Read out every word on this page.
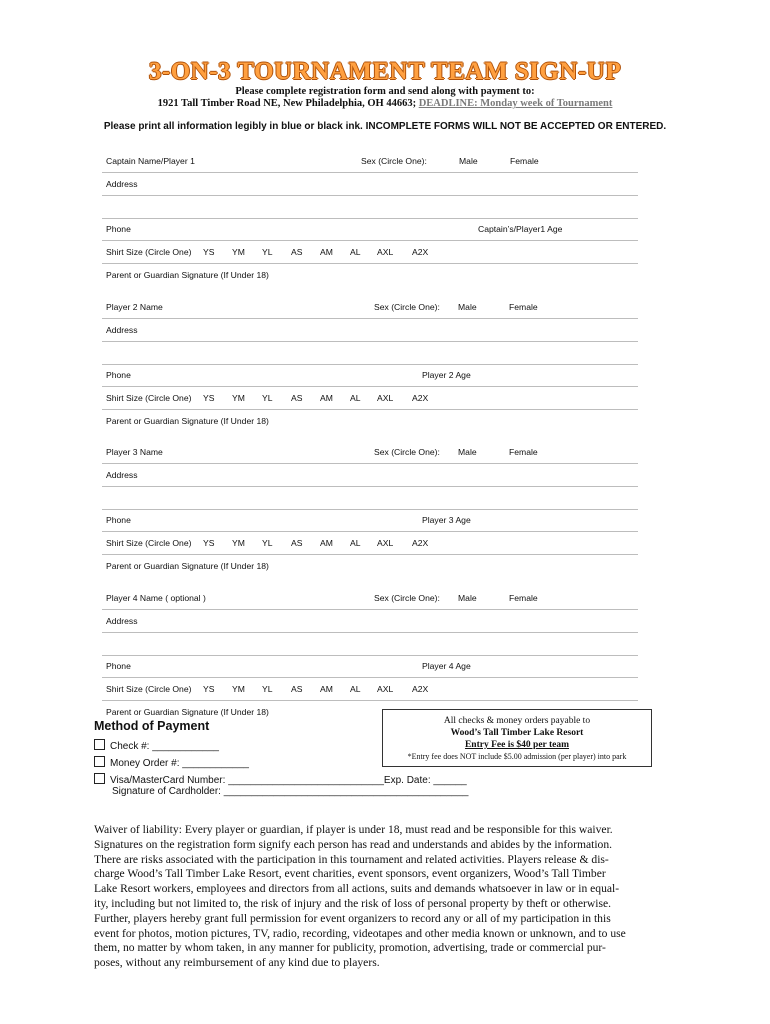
3-ON-3 TOURNAMENT TEAM SIGN-UP
Please complete registration form and send along with payment to:
1921 Tall Timber Road NE, New Philadelphia, OH 44663; DEADLINE: Monday week of Tournament
Please print all information legibly in blue or black ink. INCOMPLETE FORMS WILL NOT BE ACCEPTED OR ENTERED.
Captain Name/Player 1	Sex (Circle One):	Male	Female
Address
Phone	Captain’s/Player1 Age
Shirt Size (Circle One) YS YM YL AS AM AL AXL A2X
Parent or Guardian Signature (If Under 18)
Player 2 Name	Sex (Circle One): Male	Female
Address
Phone	Player 2 Age
Shirt Size (Circle One) YS YM YL AS AM AL AXL A2X
Parent or Guardian Signature (If Under 18)
Player 3 Name	Sex (Circle One): Male	Female
Address
Phone	Player 3 Age
Shirt Size (Circle One) YS YM YL AS AM AL AXL A2X
Parent or Guardian Signature (If Under 18)
Player 4 Name ( optional )	Sex (Circle One): Male	Female
Address
Phone	Player 4 Age
Shirt Size (Circle One) YS YM YL AS AM AL AXL A2X
Parent or Guardian Signature (If Under 18)
Method of Payment
Check #: ____________
Money Order #: ____________
Visa/MasterCard Number: ____________________________Exp. Date: ______
Signature of Cardholder: ____________________________________________
All checks & money orders payable to
Wood’s Tall Timber Lake Resort
Entry Fee is $40 per team
*Entry fee does NOT include $5.00 admission (per player) into park
Waiver of liability: Every player or guardian, if player is under 18, must read and be responsible for this waiver.
Signatures on the registration form signify each person has read and understands and abides by the information.
There are risks associated with the participation in this tournament and related activities. Players release & dis-
charge Wood’s Tall Timber Lake Resort, event charities, event sponsors, event organizers, Wood’s Tall Timber
Lake Resort workers, employees and directors from all actions, suits and demands whatsoever in law or in equal-
ity, including but not limited to, the risk of injury and the risk of loss of personal property by theft or otherwise.
Further, players hereby grant full permission for event organizers to record any or all of my participation in this
event for photos, motion pictures, TV, radio, recording, videotapes and other media known or unknown, and to use
them, no matter by whom taken, in any manner for publicity, promotion, advertising, trade or commercial pur-
poses, without any reimbursement of any kind due to players.
